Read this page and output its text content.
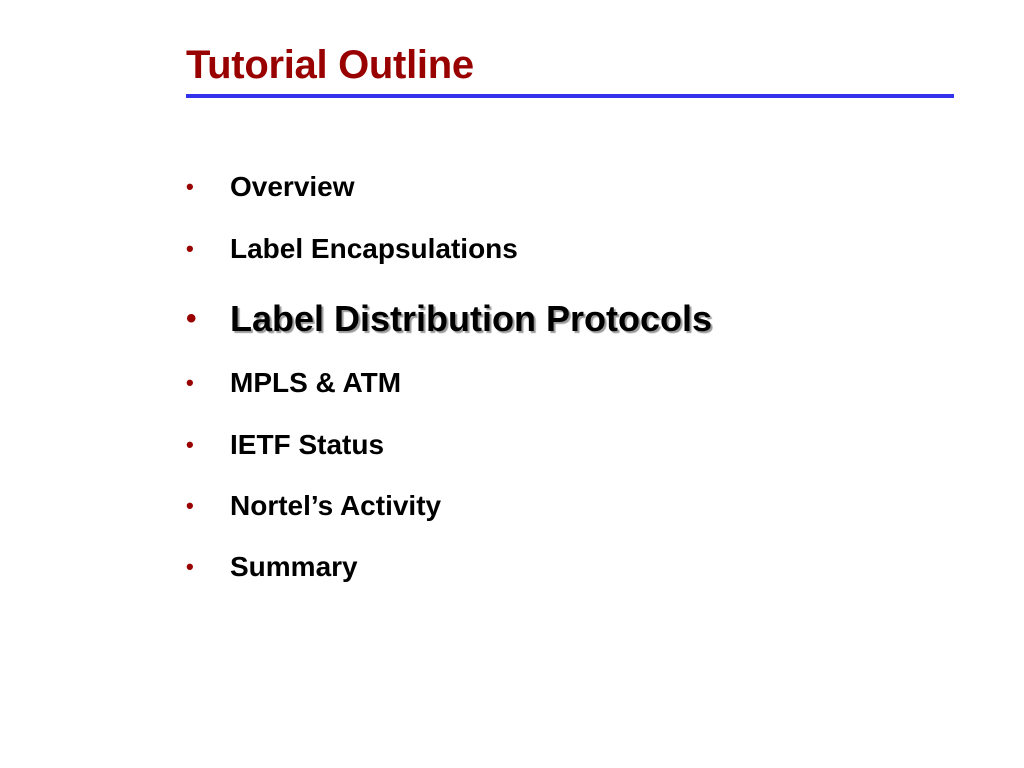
Tutorial Outline
• Overview
• Label Encapsulations
• Label Distribution Protocols
• MPLS & ATM
• IETF Status
• Nortel’s Activity
• Summary
